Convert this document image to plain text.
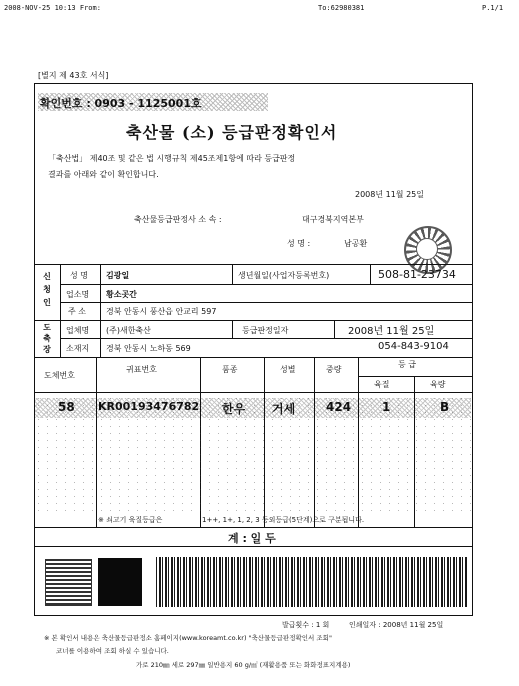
2008-NOV-25 10:13 From:	To:62980381	P.1/1
[별지 제 43호 서식]
확인번호 : 0903 - 1125001호
축산물 (소) 등급판정확인서
「축산법」 제40조 및 같은 법 시행규칙 제45조제1항에 따라 등급판정
결과를 아래와 같이 확인합니다.
2008년 11월 25일
축산물등급판정사 소 속 :	대구경북지역본부
성 명 :	남공환
신청인
성 명 김광일	생년월일(사업자등록번호)	508-81-23734
업소명 황소곳간
주 소	경북 안동시 풍산읍 안교리 597
도축장
업체명 (주)새한축산	등급판정일자	2008년 11월 25일
소재지 경북 안동시 노하동 569	054-843-9104
도체번호
귀표번호	품종	성별	중량
등 급
육질	육량
58 KR00193476782 한우 거세	424	1	B
※ 쇠고기 육질등급은	1++, 1+, 1, 2, 3 등외등급(5단계)으로 구분됩니다.
계 : 일 두
발급횟수 : 1 회	인쇄일자 : 2008년 11월 25일
※ 본 확인서 내용은 축산물등급판정소 홈페이지(www.koreamt.co.kr) "축산물등급판정확인서 조회"
코너를 이용하여 조회 하실 수 있습니다.
가로 210㎜ 세로 297㎜ 일반용지 60 g/㎡ (재활용품 또는 화화정표지계용)
